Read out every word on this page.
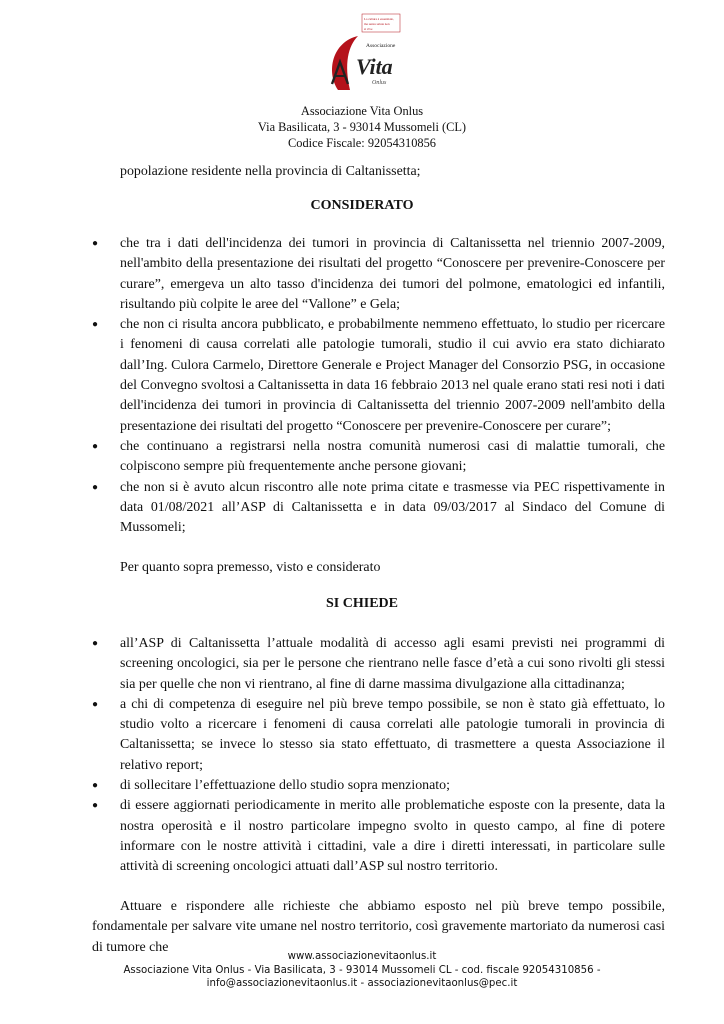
La cultura è essenziale,
ma senza salute non
si vive
Associazione
Vita
Onlus
Associazione Vita Onlus
Via Basilicata, 3 - 93014 Mussomeli (CL)
Codice Fiscale: 92054310856
popolazione residente nella provincia di Caltanissetta;
CONSIDERATO
● che tra i dati dell'incidenza dei tumori in provincia di Caltanissetta nel triennio 2007-2009, nell'ambito della presentazione dei risultati del progetto “Conoscere per prevenire-Conoscere per curare”, emergeva un alto tasso d'incidenza dei tumori del polmone, ematologici ed infantili, risultando più colpite le aree del “Vallone” e Gela;
● che non ci risulta ancora pubblicato, e probabilmente nemmeno effettuato, lo studio per ricercare i fenomeni di causa correlati alle patologie tumorali, studio il cui avvio era stato dichiarato dall’Ing. Culora Carmelo, Direttore Generale e Project Manager del Consorzio PSG, in occasione del Convegno svoltosi a Caltanissetta in data 16 febbraio 2013 nel quale erano stati resi noti i dati dell'incidenza dei tumori in provincia di Caltanissetta del triennio 2007-2009 nell'ambito della presentazione dei risultati del progetto “Conoscere per prevenire-Conoscere per curare”;
● che continuano a registrarsi nella nostra comunità numerosi casi di malattie tumorali, che colpiscono sempre più frequentemente anche persone giovani;
● che non si è avuto alcun riscontro alle note prima citate e trasmesse via PEC rispettivamente in data 01/08/2021 all’ASP di Caltanissetta e in data 09/03/2017 al Sindaco del Comune di Mussomeli;
Per quanto sopra premesso, visto e considerato
SI CHIEDE
● all’ASP di Caltanissetta l’attuale modalità di accesso agli esami previsti nei programmi di screening oncologici, sia per le persone che rientrano nelle fasce d’età a cui sono rivolti gli stessi sia per quelle che non vi rientrano, al fine di darne massima divulgazione alla cittadinanza;
● a chi di competenza di eseguire nel più breve tempo possibile, se non è stato già effettuato, lo studio volto a ricercare i fenomeni di causa correlati alle patologie tumorali in provincia di Caltanissetta; se invece lo stesso sia stato effettuato, di trasmettere a questa Associazione il relativo report;
● di sollecitare l’effettuazione dello studio sopra menzionato;
● di essere aggiornati periodicamente in merito alle problematiche esposte con la presente, data la nostra operosità e il nostro particolare impegno svolto in questo campo, al fine di potere informare con le nostre attività i cittadini, vale a dire i diretti interessati, in particolare sulle attività di screening oncologici attuati dall’ASP sul nostro territorio.
Attuare e rispondere alle richieste che abbiamo esposto nel più breve tempo possibile, fondamentale per salvare vite umane nel nostro territorio, così gravemente martoriato da numerosi casi di tumore che
www.associazionevitaonlus.it
Associazione Vita Onlus - Via Basilicata, 3 - 93014 Mussomeli CL - cod. fiscale 92054310856 -
info@associazionevitaonlus.it - associazionevitaonlus@pec.it
